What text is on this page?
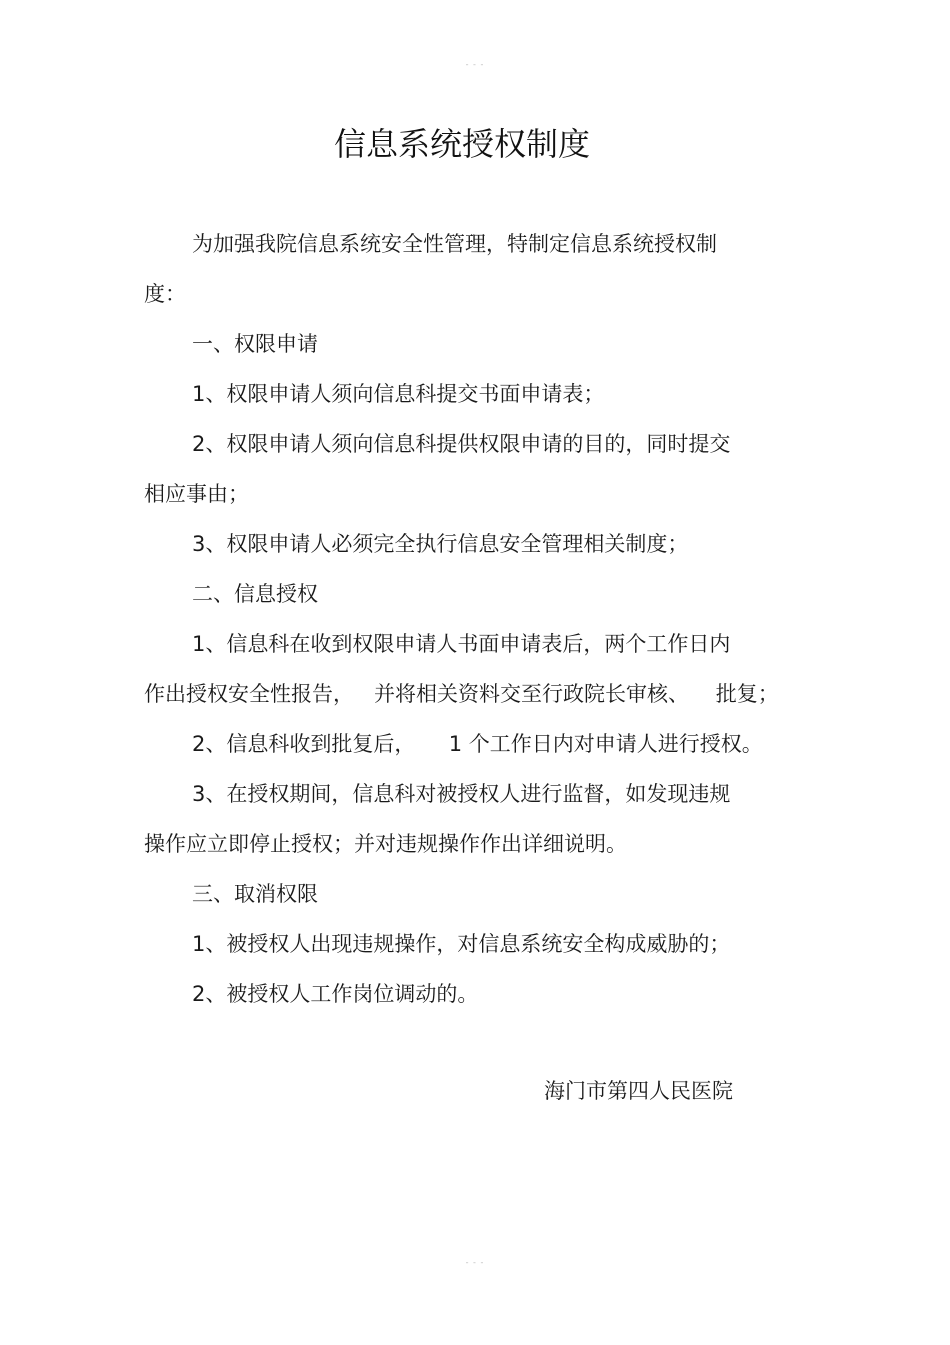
- - -
信息系统授权制度
为加强我院信息系统安全性管理，特制定信息系统授权制
度：
一、权限申请
1、权限申请人须向信息科提交书面申请表；
2、权限申请人须向信息科提供权限申请的目的，同时提交
相应事由；
3、权限申请人必须完全执行信息安全管理相关制度；
二、信息授权
1、信息科在收到权限申请人书面申请表后，两个工作日内
作出授权安全性报告，   并将相关资料交至行政院长审核、    批复；
2、信息科收到批复后，     1 个工作日内对申请人进行授权。
3、在授权期间，信息科对被授权人进行监督，如发现违规
操作应立即停止授权；并对违规操作作出详细说明。
三、取消权限
1、被授权人出现违规操作，对信息系统安全构成威胁的；
2、被授权人工作岗位调动的。
海门市第四人民医院
- - -
